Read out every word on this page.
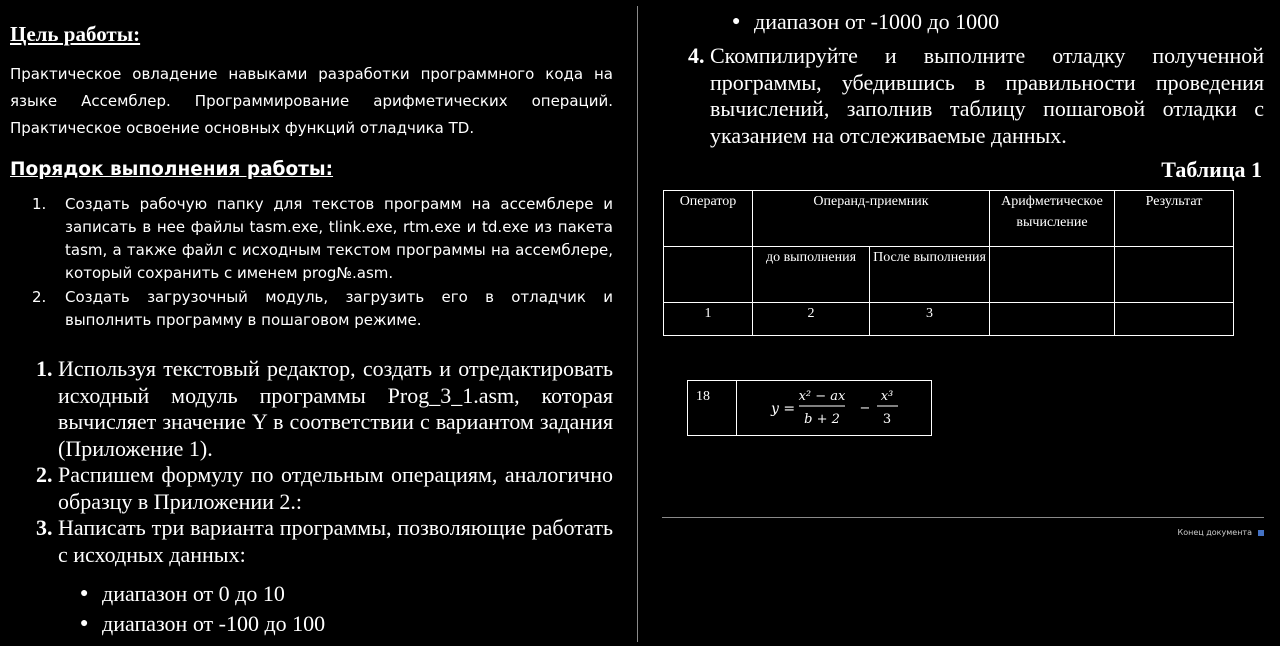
Цель работы:
Практическое овладение навыками разработки программного кода на
языке Ассемблер. Программирование арифметических операций.
Практическое освоение основных функций отладчика TD.
Порядок выполнения работы:
1. Создать рабочую папку для текстов программ на ассемблере и записать в нее файлы tasm.exe, tlink.exe, rtm.exe и td.exe из пакета tasm, а также файл с исходным текстом программы на ассемблере, который сохранить с именем prog№.asm.
2. Создать загрузочный модуль, загрузить его в отладчик и выполнить программу в пошаговом режиме.
1. Используя текстовый редактор, создать и отредактировать исходный модуль программы Prog_3_1.asm, которая вычисляет значение Y в соответствии с вариантом задания (Приложение 1).
2. Распишем формулу по отдельным операциям, аналогично образцу в Приложении 2.:
3. Написать три варианта программы, позволяющие работать с исходных данных:
● диапазон от 0 до 10
● диапазон от -100 до 100
● диапазон от -1000 до 1000
4. Скомпилируйте и выполните отладку полученной программы, убедившись в правильности проведения вычислений, заполнив таблицу пошаговой отладки с указанием на отслеживаемые данных.
Таблица 1
Оператор	Операнд-приемник		Арифметическое вычисление	Результат
	до выполнения	После выполнения		
1	2	3		
18	
y =
x² − ax
b + 2
−
x³
3
Конец документа
